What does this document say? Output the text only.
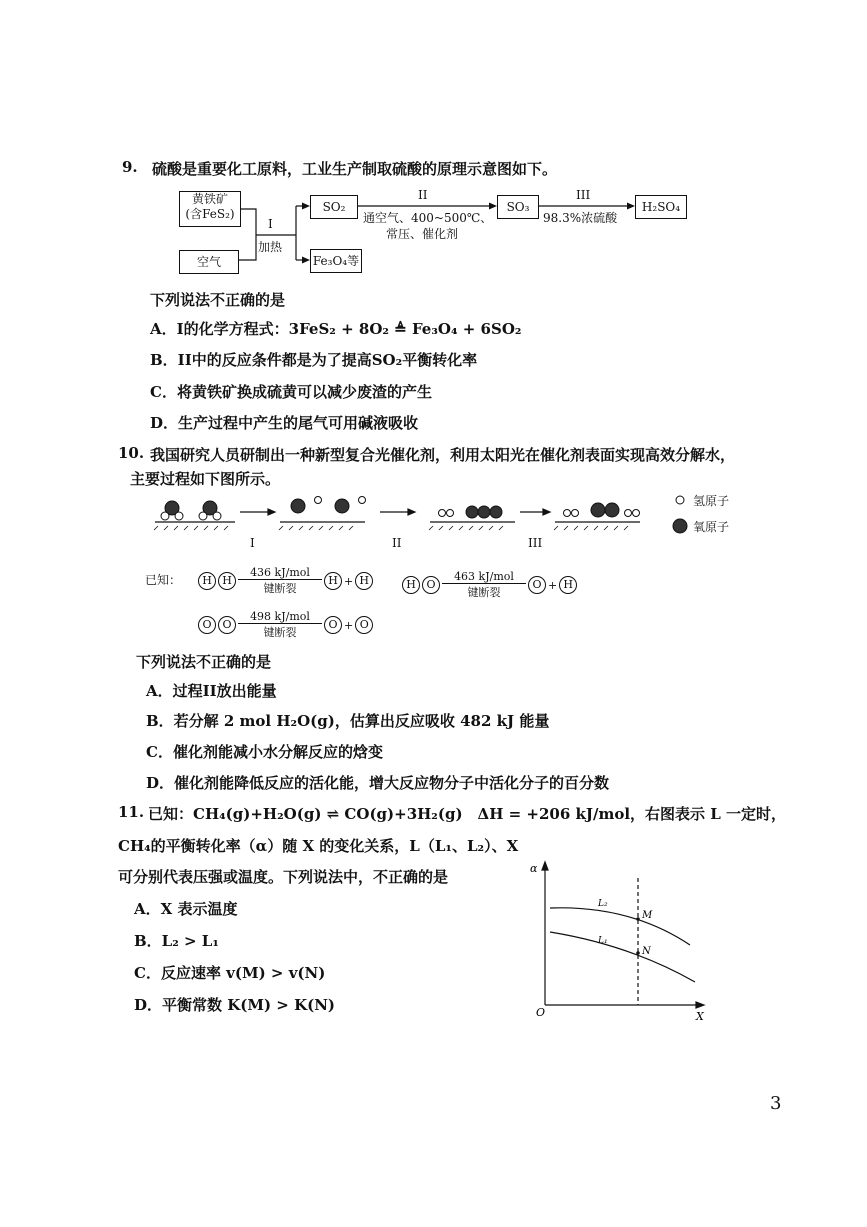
9. 硫酸是重要化工原料，工业生产制取硫酸的原理示意图如下。
黄铁矿
(含FeS₂)
空气
SO₂
Fe₃O₄等
SO₃	H₂SO₄
I
加热
II
通空气、400~500℃、
常压、催化剂
III
98.3%浓硫酸
下列说法不正确的是
A．I的化学方程式：3FeS₂ + 8O₂ ≜ Fe₃O₄ + 6SO₂
B．II中的反应条件都是为了提高SO₂平衡转化率
C．将黄铁矿换成硫黄可以减少废渣的产生
D．生产过程中产生的尾气可用碱液吸收
10. 我国研究人员研制出一种新型复合光催化剂，利用太阳光在催化剂表面实现高效分解水，
主要过程如下图所示。
氢原子
氧原子
I	II	III
已知：	H H
436 kJ/mol
键断裂
H + H	H O
463 kJ/mol
键断裂
O + H
O O
498 kJ/mol
键断裂
O + O
下列说法不正确的是
A．过程II放出能量
B．若分解 2 mol H₂O(g)，估算出反应吸收 482 kJ 能量
C．催化剂能减小水分解反应的焓变
D．催化剂能降低反应的活化能，增大反应物分子中活化分子的百分数
11. 已知：CH₄(g)+H₂O(g) ⇌ CO(g)+3H₂(g)　ΔH = +206 kJ/mol，右图表示 L 一定时，
CH₄的平衡转化率（α）随 X 的变化关系，L（L₁、L₂）、X
可分别代表压强或温度。下列说法中，不正确的是
A．X 表示温度
B．L₂ > L₁
C．反应速率 v(M) > v(N)
D．平衡常数 K(M) > K(N)
α
X
O
L₂
L₁
M
N
3
